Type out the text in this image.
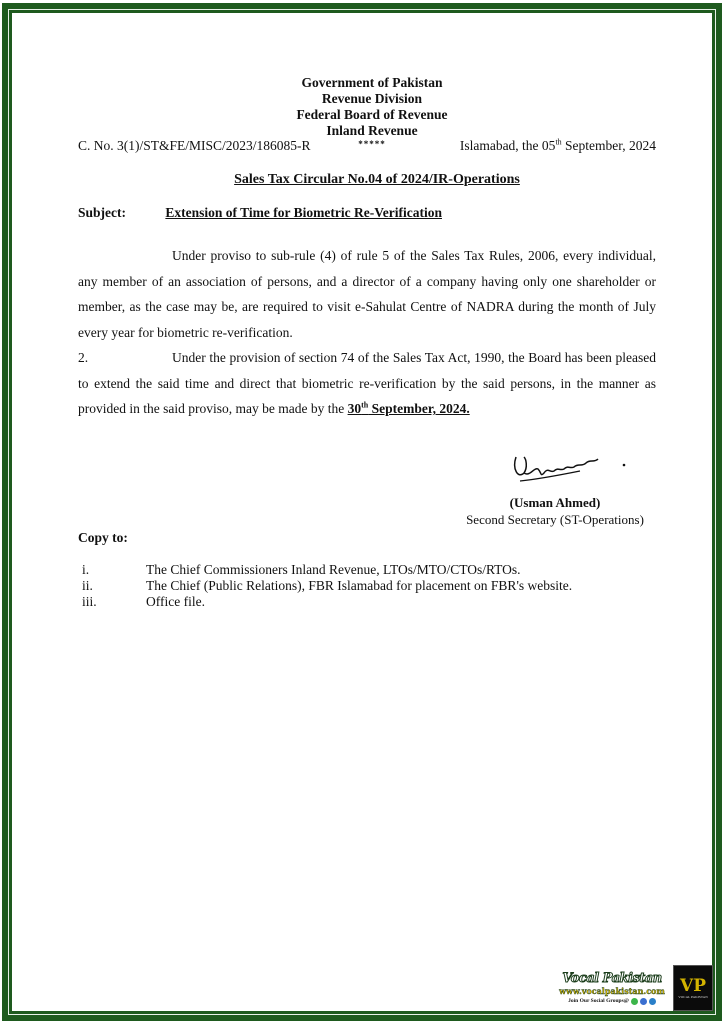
Government of Pakistan
Revenue Division
Federal Board of Revenue
Inland Revenue
*****
C. No. 3(1)/ST&FE/MISC/2023/186085-R	Islamabad, the 05th September, 2024
Sales Tax Circular No.04 of 2024/IR-Operations
Subject:	Extension of Time for Biometric Re-Verification

Under proviso to sub-rule (4) of rule 5 of the Sales Tax Rules, 2006, every individual, any member of an association of persons, and a director of a company having only one shareholder or member, as the case may be, are required to visit e-Sahulat Centre of NADRA during the month of July every year for biometric re-verification.

2.	Under the provision of section 74 of the Sales Tax Act, 1990, the Board has been pleased to extend the said time and direct that biometric re-verification by the said persons, in the manner as provided in the said proviso, may be made by the 30th September, 2024.

(Usman Ahmed)
Second Secretary (ST-Operations)
Copy to:
i.	The Chief Commissioners Inland Revenue, LTOs/MTO/CTOs/RTOs.
ii.	The Chief (Public Relations), FBR Islamabad for placement on FBR's website.
iii.	Office file.
Vocal Pakistan
www.vocalpakistan.com
Join Our Social Groups@
VP
VOCAL PAKISTAN
